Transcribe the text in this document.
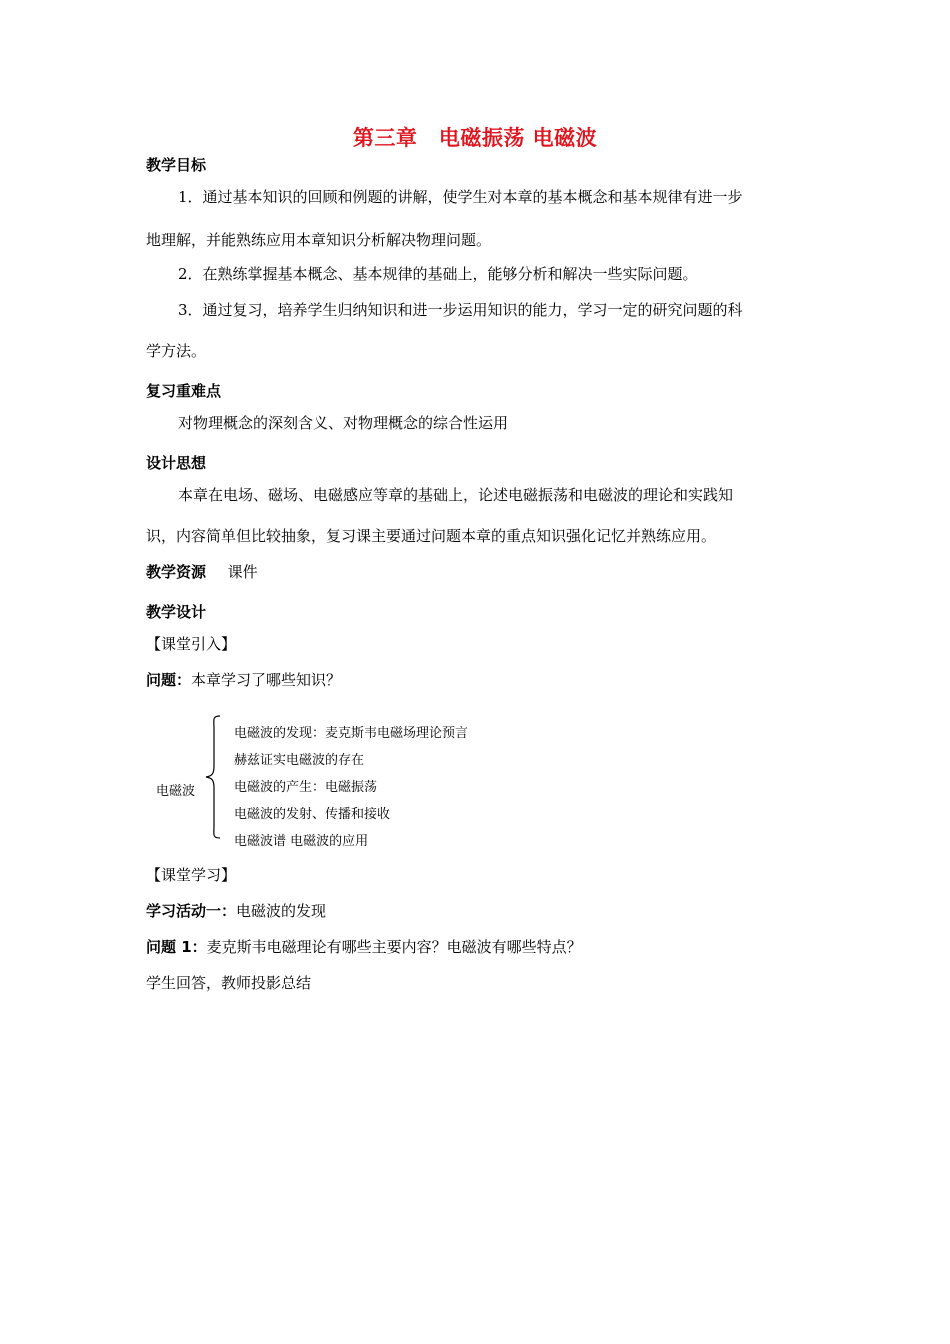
第三章　电磁振荡 电磁波
教学目标
1．通过基本知识的回顾和例题的讲解，使学生对本章的基本概念和基本规律有进一步
地理解，并能熟练应用本章知识分析解决物理问题。
2．在熟练掌握基本概念、基本规律的基础上，能够分析和解决一些实际问题。
3．通过复习，培养学生归纳知识和进一步运用知识的能力，学习一定的研究问题的科
学方法。
复习重难点
对物理概念的深刻含义、对物理概念的综合性运用
设计思想
本章在电场、磁场、电磁感应等章的基础上，论述电磁振荡和电磁波的理论和实践知
识，内容简单但比较抽象，复习课主要通过问题本章的重点知识强化记忆并熟练应用。
教学资源 课件
教学设计
【课堂引入】
问题：本章学习了哪些知识？
电磁波
电磁波的发现：麦克斯韦电磁场理论预言
赫兹证实电磁波的存在
电磁波的产生：电磁振荡
电磁波的发射、传播和接收
电磁波谱 电磁波的应用
【课堂学习】
学习活动一：电磁波的发现
问题 1：麦克斯韦电磁理论有哪些主要内容？电磁波有哪些特点？
学生回答，教师投影总结
